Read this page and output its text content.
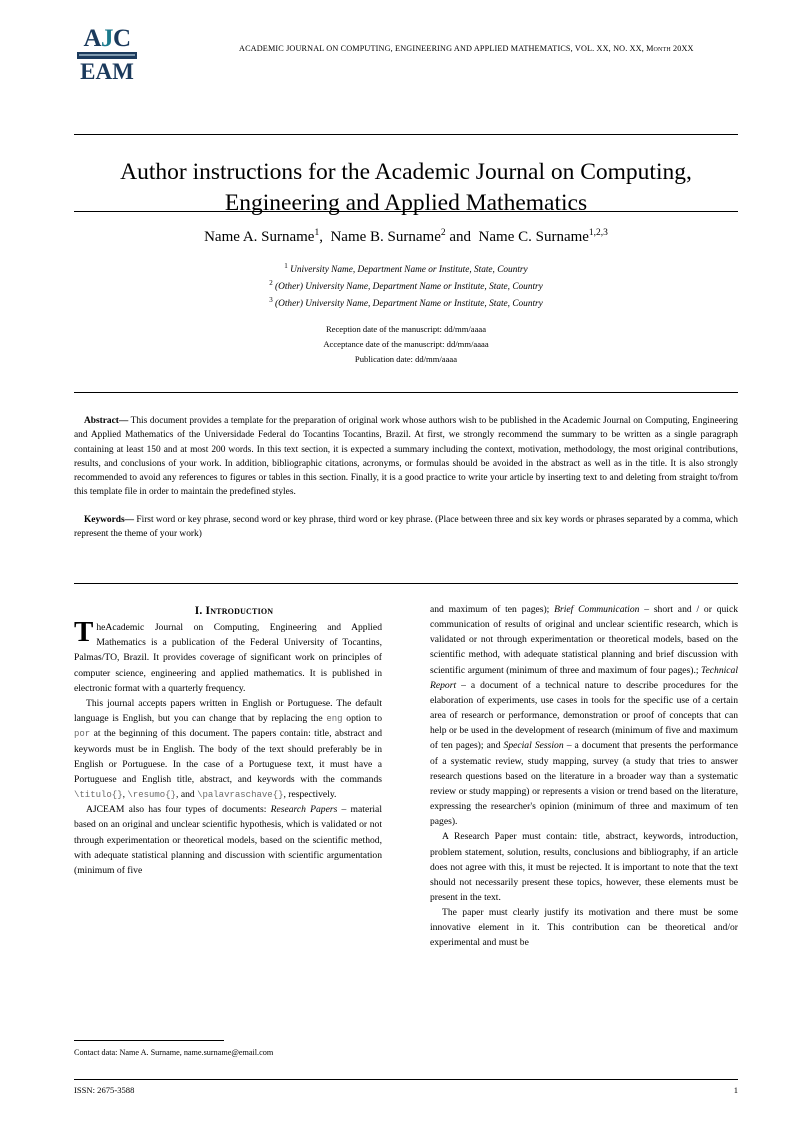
AJC
EAM
ACADEMIC JOURNAL ON COMPUTING, ENGINEERING AND APPLIED MATHEMATICS, VOL. XX, NO. XX, Month 20XX
Author instructions for the Academic Journal on Computing, Engineering and Applied Mathematics
Name A. Surname$^1$,  Name B. Surname$^2$ and Name C. Surname$^{1,2,3}$
$^1$ University Name, Department Name or Institute, State, Country
$^2$ (Other) University Name, Department Name or Institute, State, Country
$^3$ (Other) University Name, Department Name or Institute, State, Country
Reception date of the manuscript: dd/mm/aaaa
Acceptance date of the manuscript: dd/mm/aaaa
Publication date: dd/mm/aaaa

Abstract— This document provides a template for the preparation of original work whose authors wish to be published in the Academic Journal on Computing, Engineering and Applied Mathematics of the Universidade Federal do Tocantins Tocantins, Brazil. At first, we strongly recommend the summary to be written as a single paragraph containing at least 150 and at most 200 words. In this text section, it is expected a summary including the context, motivation, methodology, the most original contributions, results, and conclusions of your work. In addition, bibliographic citations, acronyms, or formulas should be avoided in the abstract as well as in the title. It is also strongly recommended to avoid any references to figures or tables in this section. Finally, it is a good practice to write your article by inserting text to and deleting from straight to/from this template file in order to maintain the predefined styles.

Keywords— First word or key phrase, second word or key phrase, third word or key phrase. (Place between three and six key words or phrases separated by a comma, which represent the theme of your work)

I. Introduction

TheAcademic Journal on Computing, Engineering and Applied Mathematics is a publication of the Federal University of Tocantins, Palmas/TO, Brazil. It provides coverage of significant work on principles of computer science, engineering and applied mathematics. It is published in electronic format with a quarterly frequency.

This journal accepts papers written in English or Portuguese. The default language is English, but you can change that by replacing the eng option to por at the beginning of this document. The papers contain: title, abstract and keywords must be in English. The body of the text should preferably be in English or Portuguese. In the case of a Portuguese text, it must have a Portuguese and English title, abstract, and keywords with the commands \titulo{}, \resumo{}, and \palavraschave{}, respectively.

AJCEAM also has four types of documents: Research Papers – material based on an original and unclear scientific hypothesis, which is validated or not through experimentation or theoretical models, based on the scientific method, with adequate statistical planning and discussion with scientific argumentation (minimum of five

and maximum of ten pages); Brief Communication – short and / or quick communication of results of original and unclear scientific research, which is validated or not through experimentation or theoretical models, based on the scientific method, with adequate statistical planning and brief discussion with scientific argument (minimum of three and maximum of four pages).; Technical Report – a document of a technical nature to describe procedures for the elaboration of experiments, use cases in tools for the specific use of a certain area of research or performance, demonstration or proof of concepts that can help or be used in the development of research (minimum of five and maximum of ten pages); and Special Session – a document that presents the performance of a systematic review, study mapping, survey (a study that tries to answer research questions based on the literature in a broader way than a systematic review or study mapping) or represents a vision or trend based on the literature, expressing the researcher's opinion (minimum of three and maximum of ten pages).

A Research Paper must contain: title, abstract, keywords, introduction, problem statement, solution, results, conclusions and bibliography, if an article does not agree with this, it must be rejected. It is important to note that the text should not necessarily present these topics, however, these elements must be present in the text.

The paper must clearly justify its motivation and there must be some innovative element in it. This contribution can be theoretical and/or experimental and must be

Contact data: Name A. Surname, name.surname@email.com
ISSN: 2675-3588	1
